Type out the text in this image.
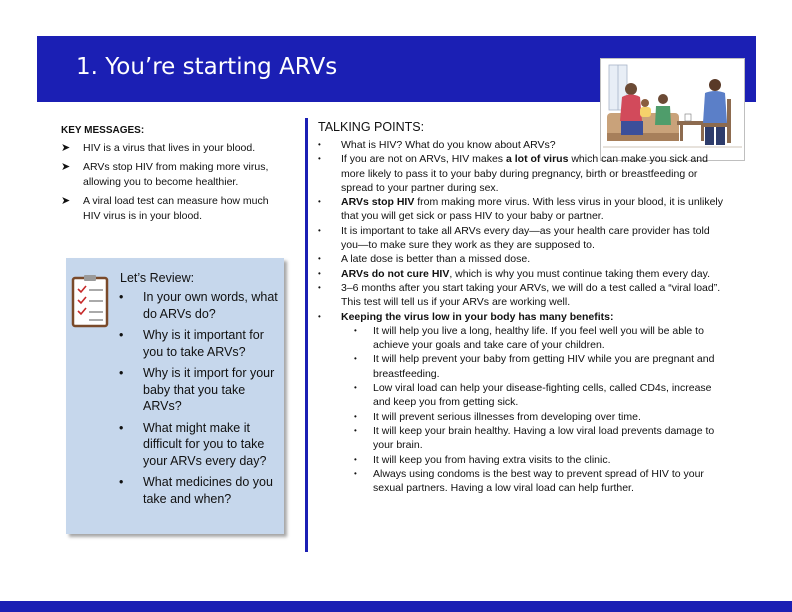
1. You’re starting ARVs
KEY MESSAGES:
➤ HIV is a virus that lives in your blood.
➤ ARVs stop HIV from making more virus, allowing you to become healthier.
➤ A viral load test can measure how much HIV virus is in your blood.
Let’s Review:
• In your own words, what do ARVs do?
• Why is it important for you to take ARVs?
• Why is it import for your baby that you take ARVs?
• What might make it difficult for you to take your ARVs every day?
• What medicines do you take and when?
TALKING POINTS:
• What is HIV? What do you know about ARVs?
• If you are not on ARVs, HIV makes a lot of virus which can make you sick and more likely to pass it to your baby during pregnancy, birth or breastfeeding or spread to your partner during sex.
• ARVs stop HIV from making more virus. With less virus in your blood, it is unlikely that you will get sick or pass HIV to your baby or partner.
• It is important to take all ARVs every day—as your health care provider has told you—to make sure they work as they are supposed to.
• A late dose is better than a missed dose.
• ARVs do not cure HIV, which is why you must continue taking them every day.
• 3–6 months after you start taking your ARVs, we will do a test called a “viral load”. This test will tell us if your ARVs are working well.
• Keeping the virus low in your body has many benefits:
• It will help you live a long, healthy life. If you feel well you will be able to achieve your goals and take care of your children.
• It will help prevent your baby from getting HIV while you are pregnant and breastfeeding.
• Low viral load can help your disease-fighting cells, called CD4s, increase and keep you from getting sick.
• It will prevent serious illnesses from developing over time.
• It will keep your brain healthy. Having a low viral load prevents damage to your brain.
• It will keep you from having extra visits to the clinic.
• Always using condoms is the best way to prevent spread of HIV to your sexual partners. Having a low viral load can help further.
